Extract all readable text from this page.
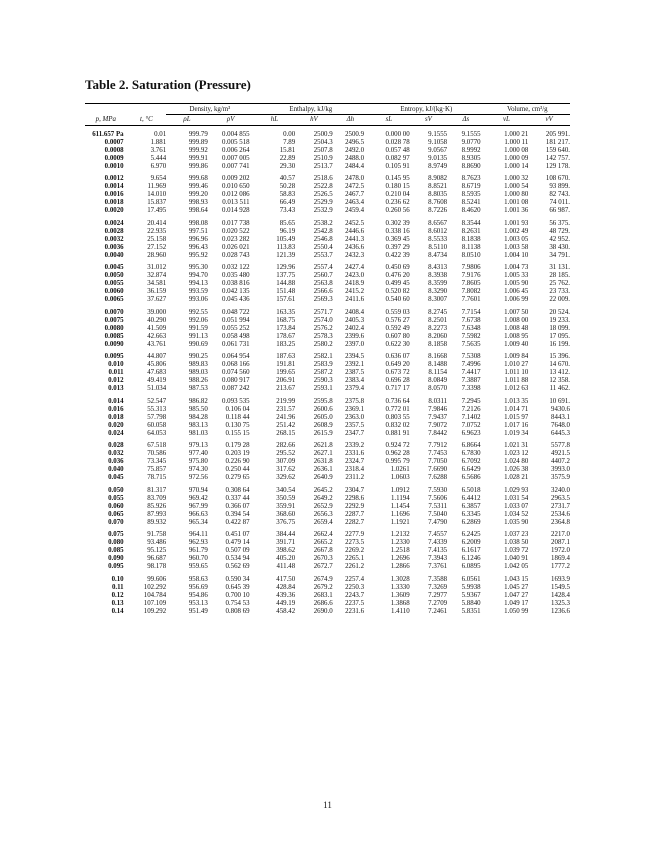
Table 2. Saturation (Pressure)
		Density, kg/m³		Enthalpy, kJ/kg			Entropy, kJ/(kg·K)			Volume, cm³/g	
p, MPa	t, °C	ρL	ρV	hL	hV	Δh	sL	sV	Δs	vL	vV
611.657 Pa	0.01	999.79	0.004 855	0.00	2500.9	2500.9	0.000 00	9.1555	9.1555	1.000 21	205 991.
0.0007	1.881	999.89	0.005 518	7.89	2504.3	2496.5	0.028 78	9.1058	9.0770	1.000 11	181 217.
0.0008	3.761	999.92	0.006 264	15.81	2507.8	2492.0	0.057 48	9.0567	8.9992	1.000 08	159 640.
0.0009	5.444	999.91	0.007 005	22.89	2510.9	2488.0	0.082 97	9.0135	8.9305	1.000 09	142 757.
0.0010	6.970	999.86	0.007 741	29.30	2513.7	2484.4	0.105 91	8.9749	8.8690	1.000 14	129 178.
0.0012	9.654	999.68	0.009 202	40.57	2518.6	2478.0	0.145 95	8.9082	8.7623	1.000 32	108 670.
0.0014	11.969	999.46	0.010 650	50.28	2522.8	2472.5	0.180 15	8.8521	8.6719	1.000 54	93 899.
0.0016	14.010	999.20	0.012 086	58.83	2526.5	2467.7	0.210 04	8.8035	8.5935	1.000 80	82 743.
0.0018	15.837	998.93	0.013 511	66.49	2529.9	2463.4	0.236 62	8.7608	8.5241	1.001 08	74 011.
0.0020	17.495	998.64	0.014 928	73.43	2532.9	2459.4	0.260 56	8.7226	8.4620	1.001 36	66 987.
0.0024	20.414	998.08	0.017 738	85.65	2538.2	2452.5	0.302 39	8.6567	8.3544	1.001 93	56 375.
0.0028	22.935	997.51	0.020 522	96.19	2542.8	2446.6	0.338 16	8.6012	8.2631	1.002 49	48 729.
0.0032	25.158	996.96	0.023 282	105.49	2546.8	2441.3	0.369 45	8.5533	8.1838	1.003 05	42 952.
0.0036	27.152	996.43	0.026 021	113.83	2550.4	2436.6	0.397 29	8.5110	8.1138	1.003 58	38 430.
0.0040	28.960	995.92	0.028 743	121.39	2553.7	2432.3	0.422 39	8.4734	8.0510	1.004 10	34 791.
0.0045	31.012	995.30	0.032 122	129.96	2557.4	2427.4	0.450 69	8.4313	7.9806	1.004 73	31 131.
0.0050	32.874	994.70	0.035 480	137.75	2560.7	2423.0	0.476 20	8.3938	7.9176	1.005 33	28 185.
0.0055	34.581	994.13	0.038 816	144.88	2563.8	2418.9	0.499 45	8.3599	7.8605	1.005 90	25 762.
0.0060	36.159	993.59	0.042 135	151.48	2566.6	2415.2	0.520 82	8.3290	7.8082	1.006 45	23 733.
0.0065	37.627	993.06	0.045 436	157.61	2569.3	2411.6	0.540 60	8.3007	7.7601	1.006 99	22 009.
0.0070	39.000	992.55	0.048 722	163.35	2571.7	2408.4	0.559 03	8.2745	7.7154	1.007 50	20 524.
0.0075	40.290	992.06	0.051 994	168.75	2574.0	2405.3	0.576 27	8.2501	7.6738	1.008 00	19 233.
0.0080	41.509	991.59	0.055 252	173.84	2576.2	2402.4	0.592 49	8.2273	7.6348	1.008 48	18 099.
0.0085	42.663	991.13	0.058 498	178.67	2578.3	2399.6	0.607 80	8.2060	7.5982	1.008 95	17 095.
0.0090	43.761	990.69	0.061 731	183.25	2580.2	2397.0	0.622 30	8.1858	7.5635	1.009 40	16 199.
0.0095	44.807	990.25	0.064 954	187.63	2582.1	2394.5	0.636 07	8.1668	7.5308	1.009 84	15 396.
0.010	45.806	989.83	0.068 166	191.81	2583.9	2392.1	0.649 20	8.1488	7.4996	1.010 27	14 670.
0.011	47.683	989.03	0.074 560	199.65	2587.2	2387.5	0.673 72	8.1154	7.4417	1.011 10	13 412.
0.012	49.419	988.26	0.080 917	206.91	2590.3	2383.4	0.696 28	8.0849	7.3887	1.011 88	12 358.
0.013	51.034	987.53	0.087 242	213.67	2593.1	2379.4	0.717 17	8.0570	7.3398	1.012 63	11 462.
0.014	52.547	986.82	0.093 535	219.99	2595.8	2375.8	0.736 64	8.0311	7.2945	1.013 35	10 691.
0.016	55.313	985.50	0.106 04	231.57	2600.6	2369.1	0.772 01	7.9846	7.2126	1.014 71	9430.6
0.018	57.798	984.28	0.118 44	241.96	2605.0	2363.0	0.803 55	7.9437	7.1402	1.015 97	8443.1
0.020	60.058	983.13	0.130 75	251.42	2608.9	2357.5	0.832 02	7.9072	7.0752	1.017 16	7648.0
0.024	64.053	981.03	0.155 15	268.15	2615.9	2347.7	0.881 91	7.8442	6.9623	1.019 34	6445.3
0.028	67.518	979.13	0.179 28	282.66	2621.8	2339.2	0.924 72	7.7912	6.8664	1.021 31	5577.8
0.032	70.586	977.40	0.203 19	295.52	2627.1	2331.6	0.962 28	7.7453	6.7830	1.023 12	4921.5
0.036	73.345	975.80	0.226 90	307.09	2631.8	2324.7	0.995 79	7.7050	6.7092	1.024 80	4407.2
0.040	75.857	974.30	0.250 44	317.62	2636.1	2318.4	1.0261	7.6690	6.6429	1.026 38	3993.0
0.045	78.715	972.56	0.279 65	329.62	2640.9	2311.2	1.0603	7.6288	6.5686	1.028 21	3575.9
0.050	81.317	970.94	0.308 64	340.54	2645.2	2304.7	1.0912	7.5930	6.5018	1.029 93	3240.0
0.055	83.709	969.42	0.337 44	350.59	2649.2	2298.6	1.1194	7.5606	6.4412	1.031 54	2963.5
0.060	85.926	967.99	0.366 07	359.91	2652.9	2292.9	1.1454	7.5311	6.3857	1.033 07	2731.7
0.065	87.993	966.63	0.394 54	368.60	2656.3	2287.7	1.1696	7.5040	6.3345	1.034 52	2534.6
0.070	89.932	965.34	0.422 87	376.75	2659.4	2282.7	1.1921	7.4790	6.2869	1.035 90	2364.8
0.075	91.758	964.11	0.451 07	384.44	2662.4	2277.9	1.2132	7.4557	6.2425	1.037 23	2217.0
0.080	93.486	962.93	0.479 14	391.71	2665.2	2273.5	1.2330	7.4339	6.2009	1.038 50	2087.1
0.085	95.125	961.79	0.507 09	398.62	2667.8	2269.2	1.2518	7.4135	6.1617	1.039 72	1972.0
0.090	96.687	960.70	0.534 94	405.20	2670.3	2265.1	1.2696	7.3943	6.1246	1.040 91	1869.4
0.095	98.178	959.65	0.562 69	411.48	2672.7	2261.2	1.2866	7.3761	6.0895	1.042 05	1777.2
0.10	99.606	958.63	0.590 34	417.50	2674.9	2257.4	1.3028	7.3588	6.0561	1.043 15	1693.9
0.11	102.292	956.69	0.645 39	428.84	2679.2	2250.3	1.3330	7.3269	5.9938	1.045 27	1549.5
0.12	104.784	954.86	0.700 10	439.36	2683.1	2243.7	1.3609	7.2977	5.9367	1.047 27	1428.4
0.13	107.109	953.13	0.754 53	449.19	2686.6	2237.5	1.3868	7.2709	5.8840	1.049 17	1325.3
0.14	109.292	951.49	0.808 69	458.42	2690.0	2231.6	1.4110	7.2461	5.8351	1.050 99	1236.6
11
